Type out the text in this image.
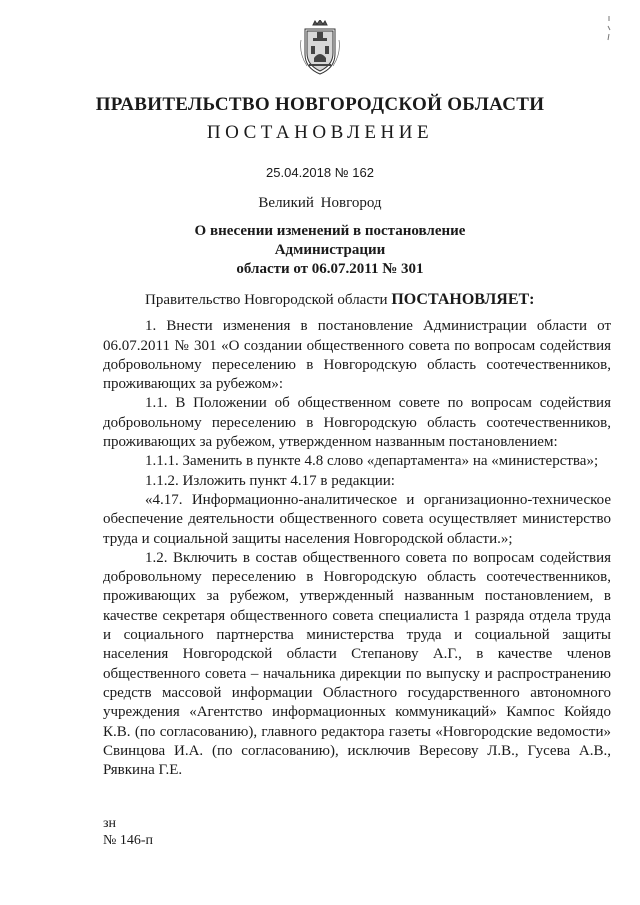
ПРАВИТЕЛЬСТВО НОВГОРОДСКОЙ ОБЛАСТИ
ПОСТАНОВЛЕНИЕ
25.04.2018 № 162
Великий Новгород
О внесении изменений в постановление Администрации
области от 06.07.2011 № 301

Правительство Новгородской области ПОСТАНОВЛЯЕТ:

1. Внести изменения в постановление Администрации области от 06.07.2011 № 301 «О создании общественного совета по вопросам содействия добровольному переселению в Новгородскую область соотечественников, проживающих за рубежом»:

1.1. В Положении об общественном совете по вопросам содействия добровольному переселению в Новгородскую область соотечественников, проживающих за рубежом, утвержденном названным постановлением:

1.1.1. Заменить в пункте 4.8 слово «департамента» на «министерства»;

1.1.2. Изложить пункт 4.17 в редакции:

«4.17. Информационно-аналитическое и организационно-техническое обеспечение деятельности общественного совета осуществляет министерство труда и социальной защиты населения Новгородской области.»;

1.2. Включить в состав общественного совета по вопросам содействия добровольному переселению в Новгородскую область соотечественников, проживающих за рубежом, утвержденный названным постановлением, в качестве секретаря общественного совета специалиста 1 разряда отдела труда и социального партнерства министерства труда и социальной защиты населения Новгородской области Степанову А.Г., в качестве членов общественного совета – начальника дирекции по выпуску и распространению средств массовой информации Областного государственного автономного учреждения «Агентство информационных коммуникаций» Кампос Койядо К.В. (по согласованию), главного редактора газеты «Новгородские ведомости» Свинцова И.А. (по согласованию), исключив Вересову Л.В., Гусева А.В., Рявкина Г.Е.

зн
№ 146-п
